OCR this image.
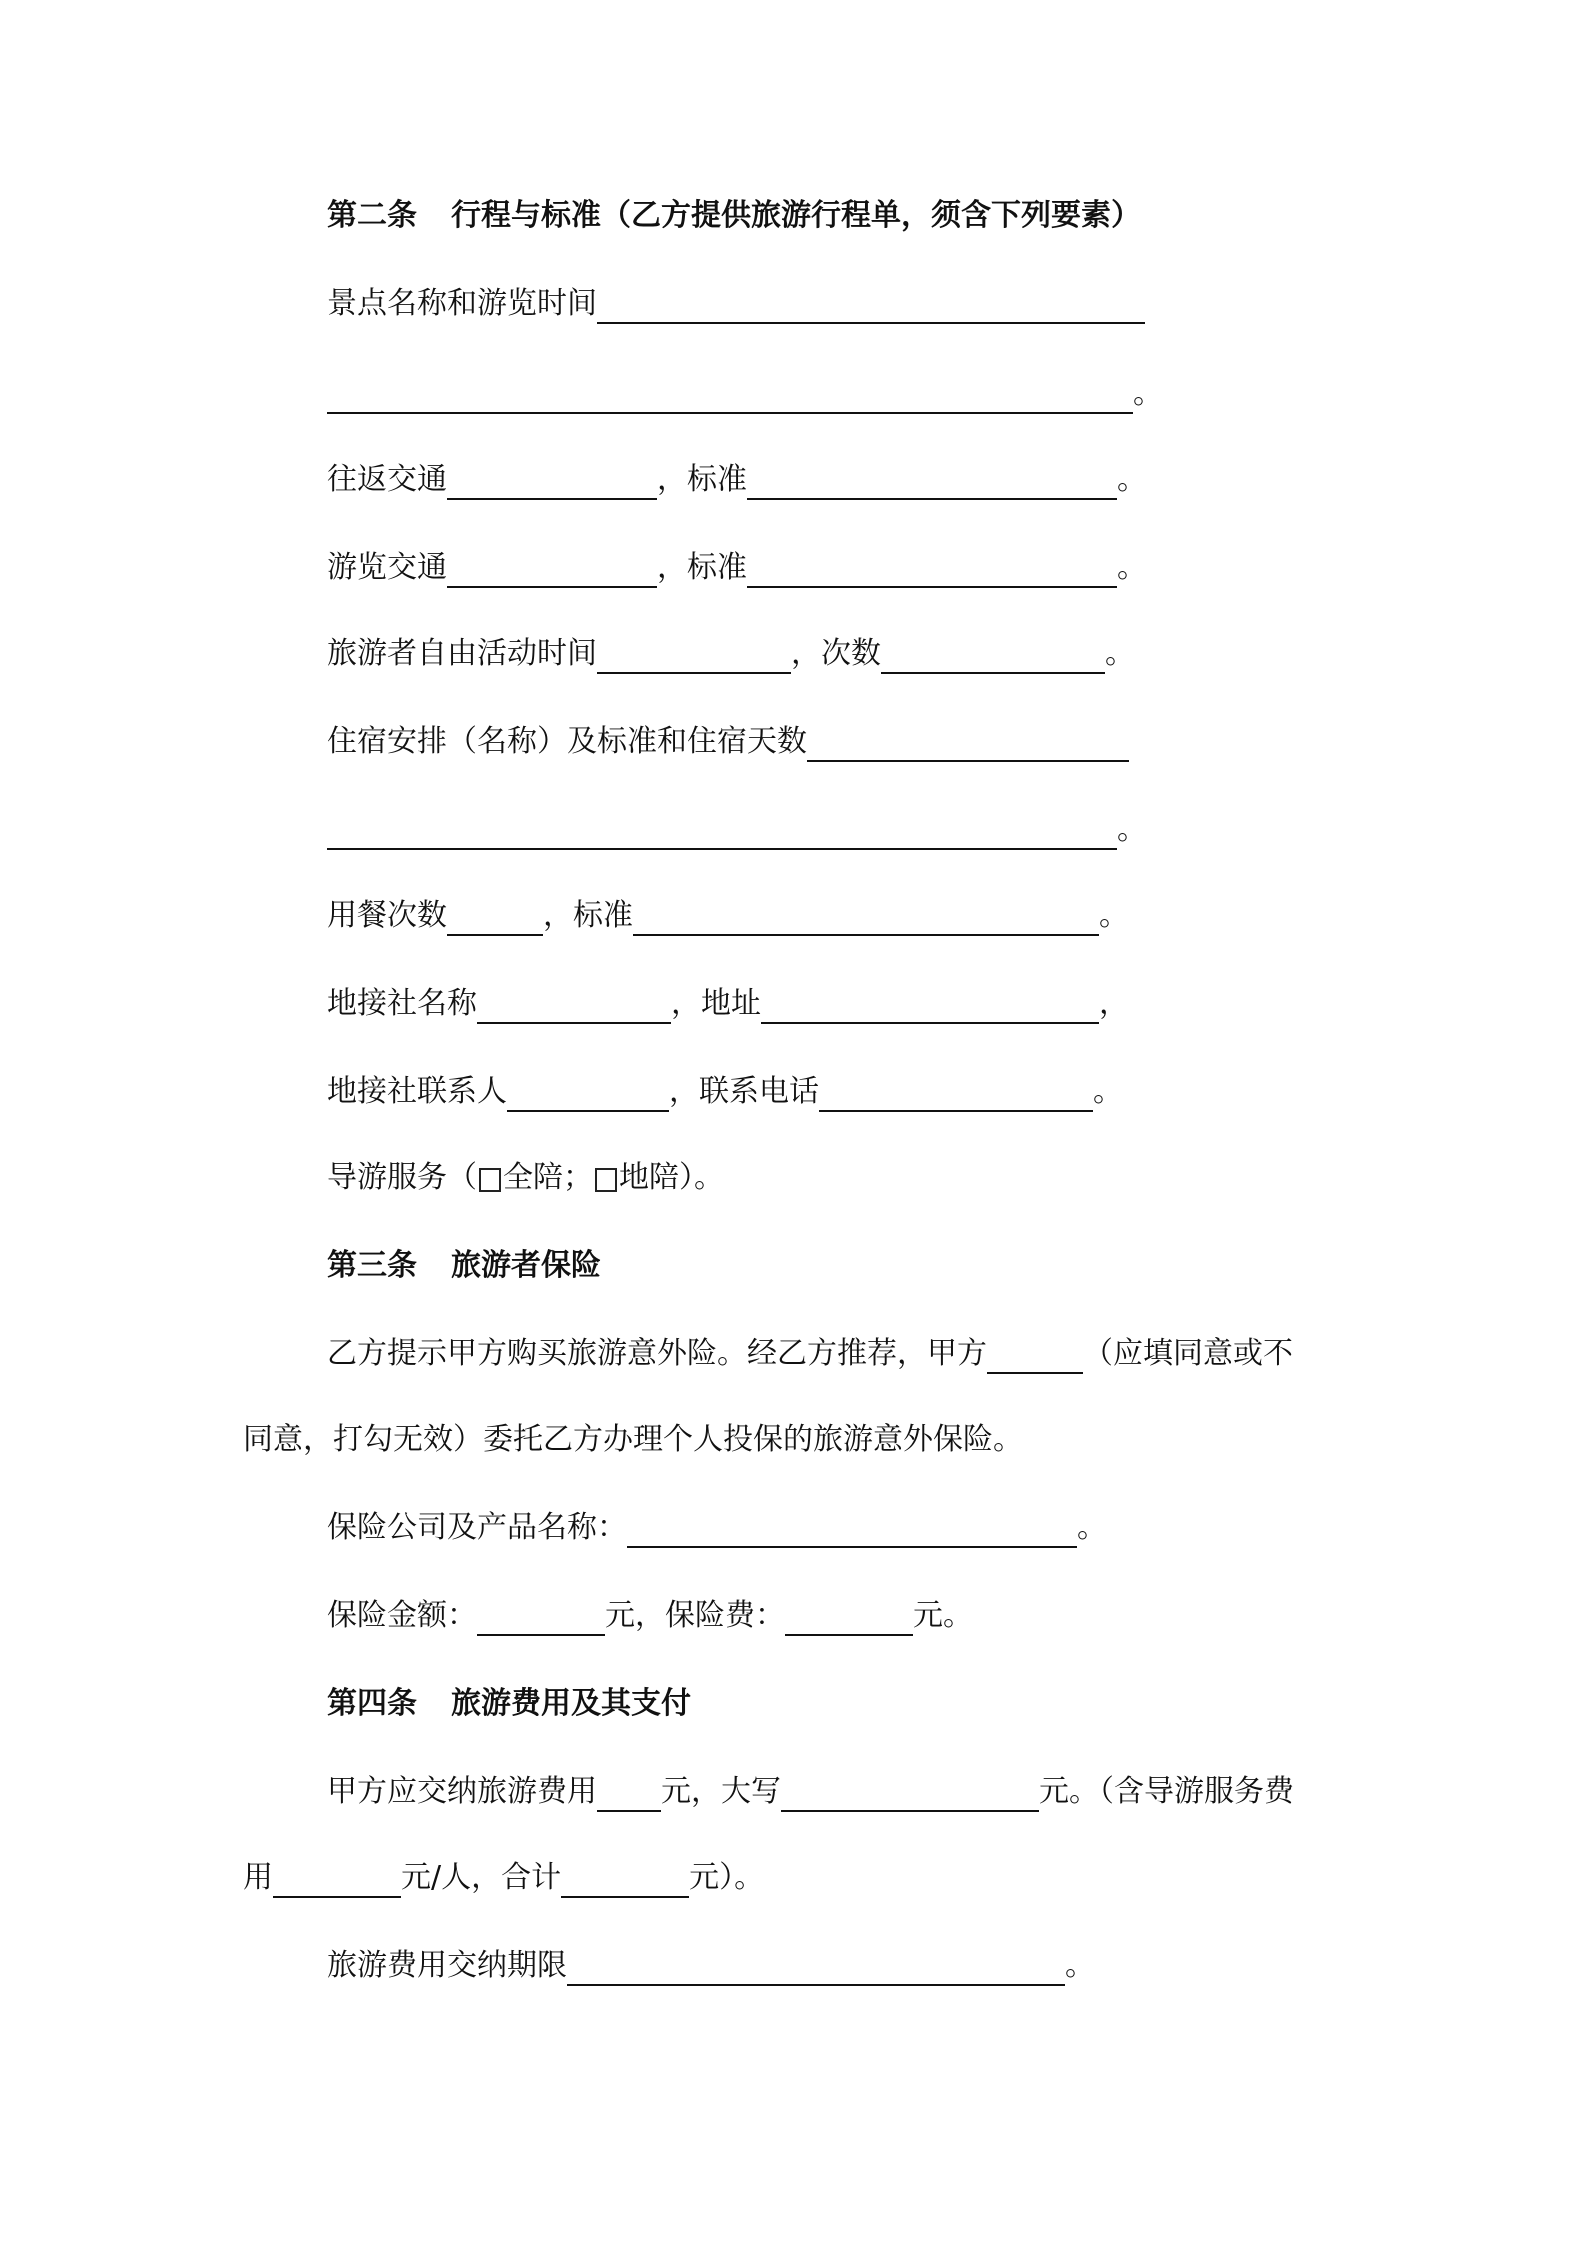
第二条 行程与标准（乙方提供旅游行程单，须含下列要素）
景点名称和游览时间
。
往返交通	，标准	。
游览交通	，标准	。
旅游者自由活动时间	，次数	。
住宿安排（名称）及标准和住宿天数
。
用餐次数	，标准	。
地接社名称	，地址	，
地接社联系人	，联系电话	。
导游服务（ 全陪； 地陪）。
第三条 旅游者保险
乙方提示甲方购买旅游意外险。经乙方推荐，甲方	（应填同意或不
同意，打勾无效）委托乙方办理个人投保的旅游意外保险。
保险公司及产品名称：	。
保险金额：	元，保险费：	元。
第四条 旅游费用及其支付
甲方应交纳旅游费用 元，大写	元。（含导游服务费
用	元/人，合计	元）。
旅游费用交纳期限	。
